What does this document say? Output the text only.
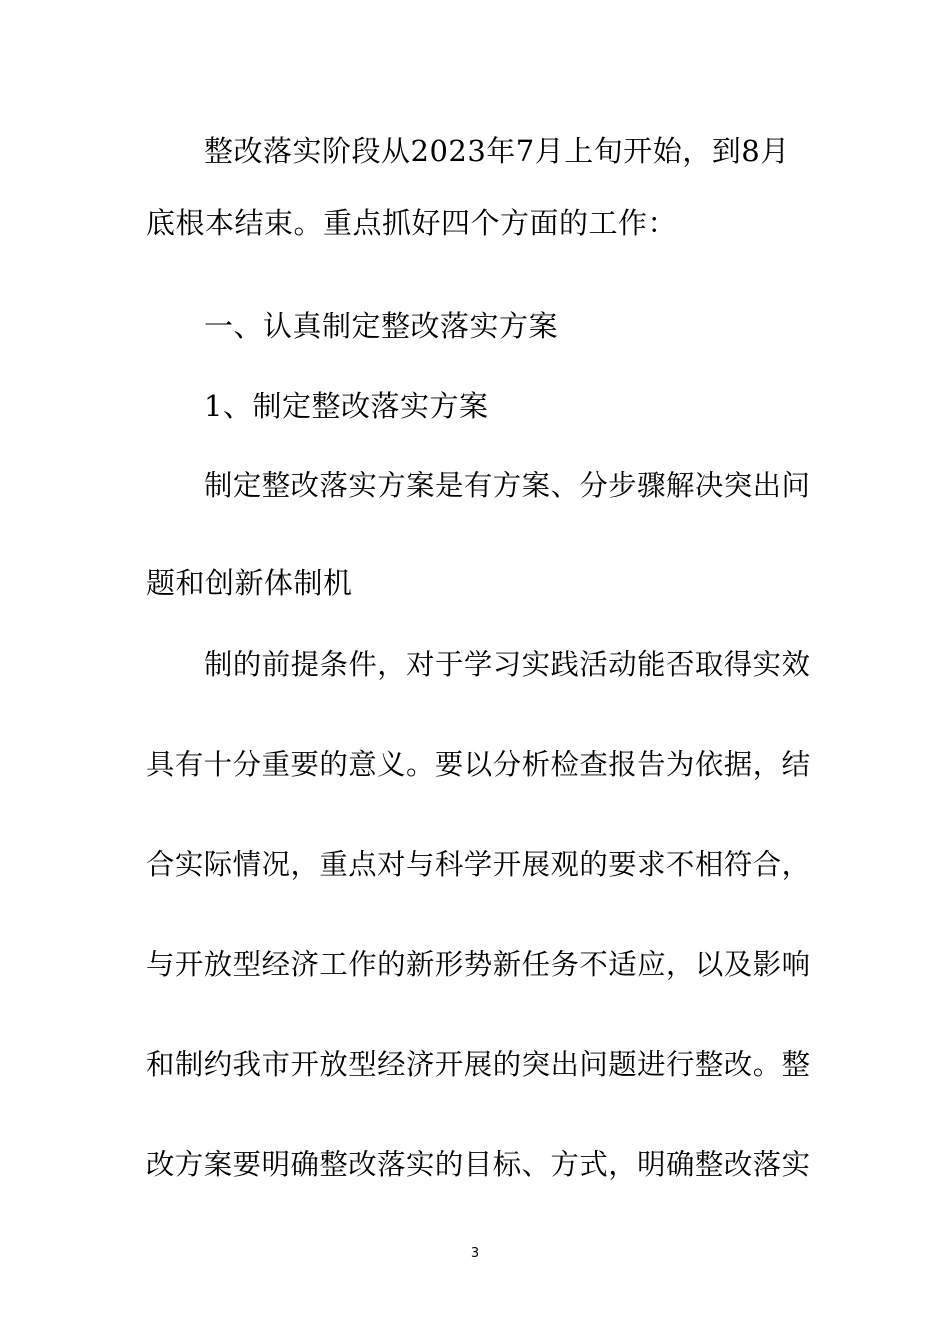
整改落实阶段从2023年7月上旬开始，到8月
底根本结束。重点抓好四个方面的工作：
一、认真制定整改落实方案
1、制定整改落实方案
制定整改落实方案是有方案、分步骤解决突出问
题和创新体制机
制的前提条件，对于学习实践活动能否取得实效
具有十分重要的意义。要以分析检查报告为依据，结
合实际情况，重点对与科学开展观的要求不相符合，
与开放型经济工作的新形势新任务不适应，以及影响
和制约我市开放型经济开展的突出问题进行整改。整
改方案要明确整改落实的目标、方式，明确整改落实
3
